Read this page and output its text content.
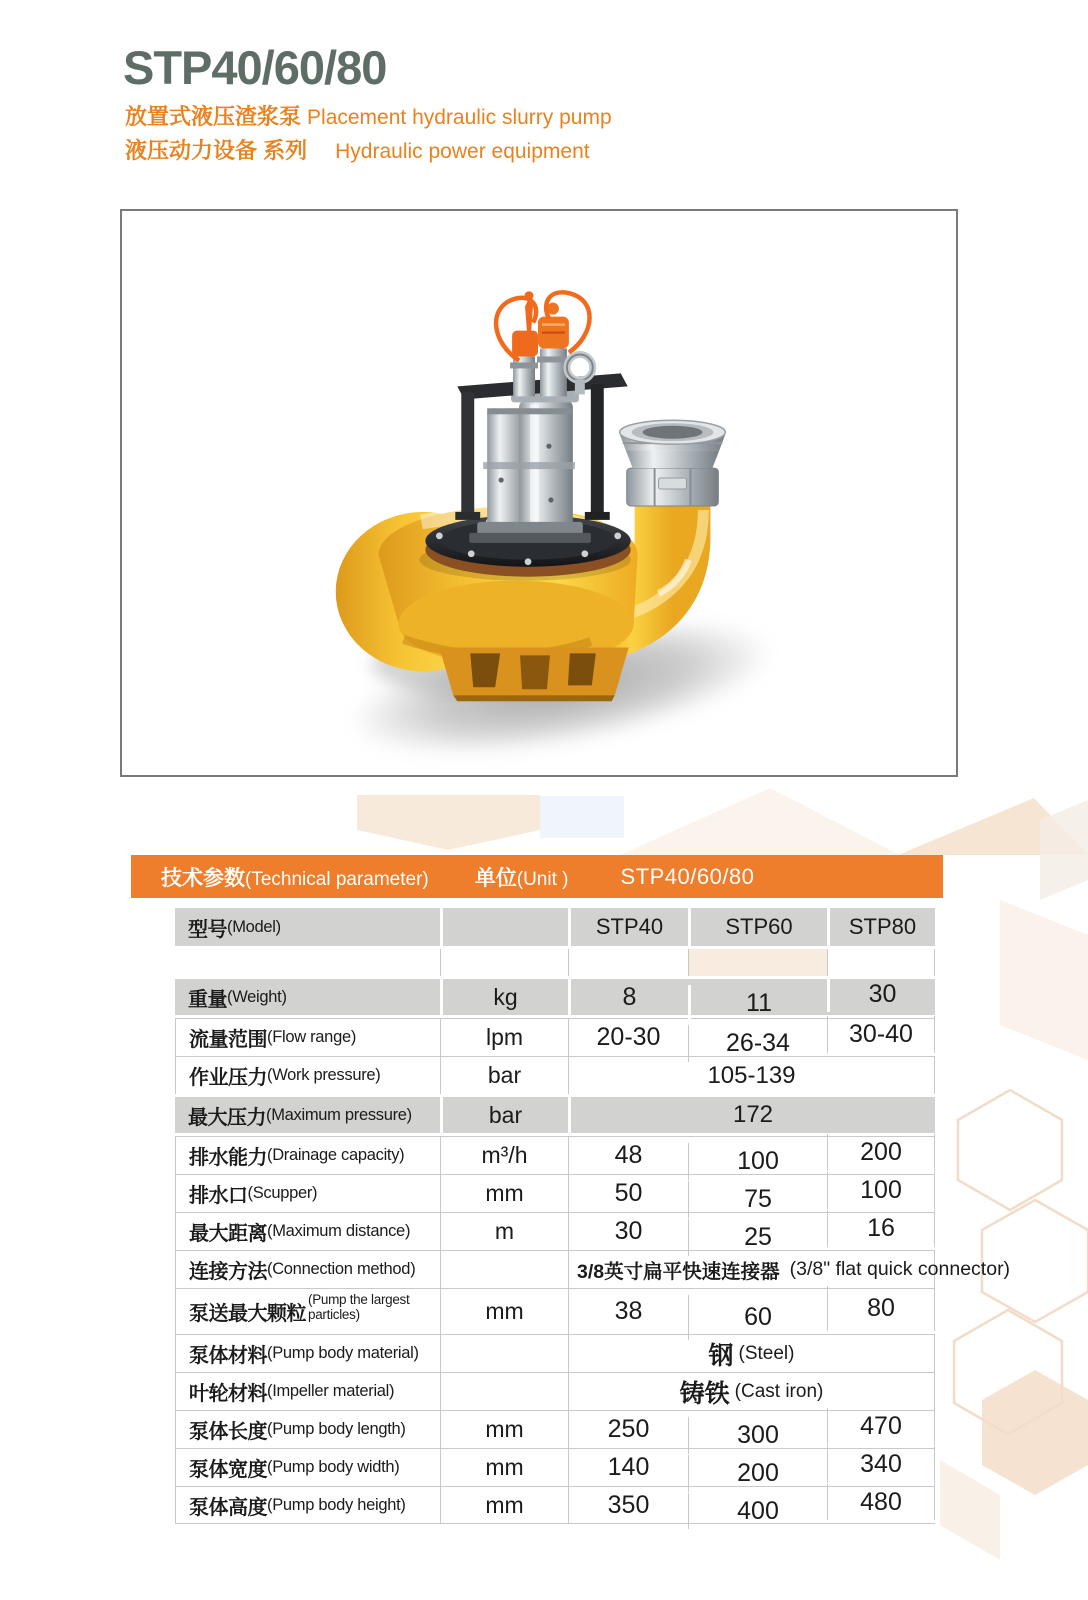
STP40/60/80
放置式液压渣浆泵 Placement hydraulic slurry pump
液压动力设备 系列 Hydraulic power equipment
技术参数(Technical parameter) 单位(Unit ) STP40/60/80
型号 (Model)	STP40	STP60	STP80
重量 (Weight)	kg	8	11	30
流量范围 (Flow range)	lpm	20-30	26-34	30-40
作业压力 (Work pressure)	bar	105-139
最大压力 (Maximum pressure)	bar	172
排水能力 (Drainage capacity)	m³/h	48	100	200
排水口 (Scupper)	mm	50	75	100
最大距离 (Maximum distance)	m	30	25	16
连接方法 (Connection method)	3/8英寸扁平快速连接器 (3/8" flat quick connector)
泵送最大颗粒
(Pump the largest particles)	mm	38	60	80
泵体材料 (Pump body material)	钢 (Steel)
叶轮材料 (Impeller material)	铸铁 (Cast iron)
泵体长度 (Pump body length)	mm	250	300	470
泵体宽度 (Pump body width)	mm	140	200	340
泵体高度 (Pump body height)	mm	350	400	480
